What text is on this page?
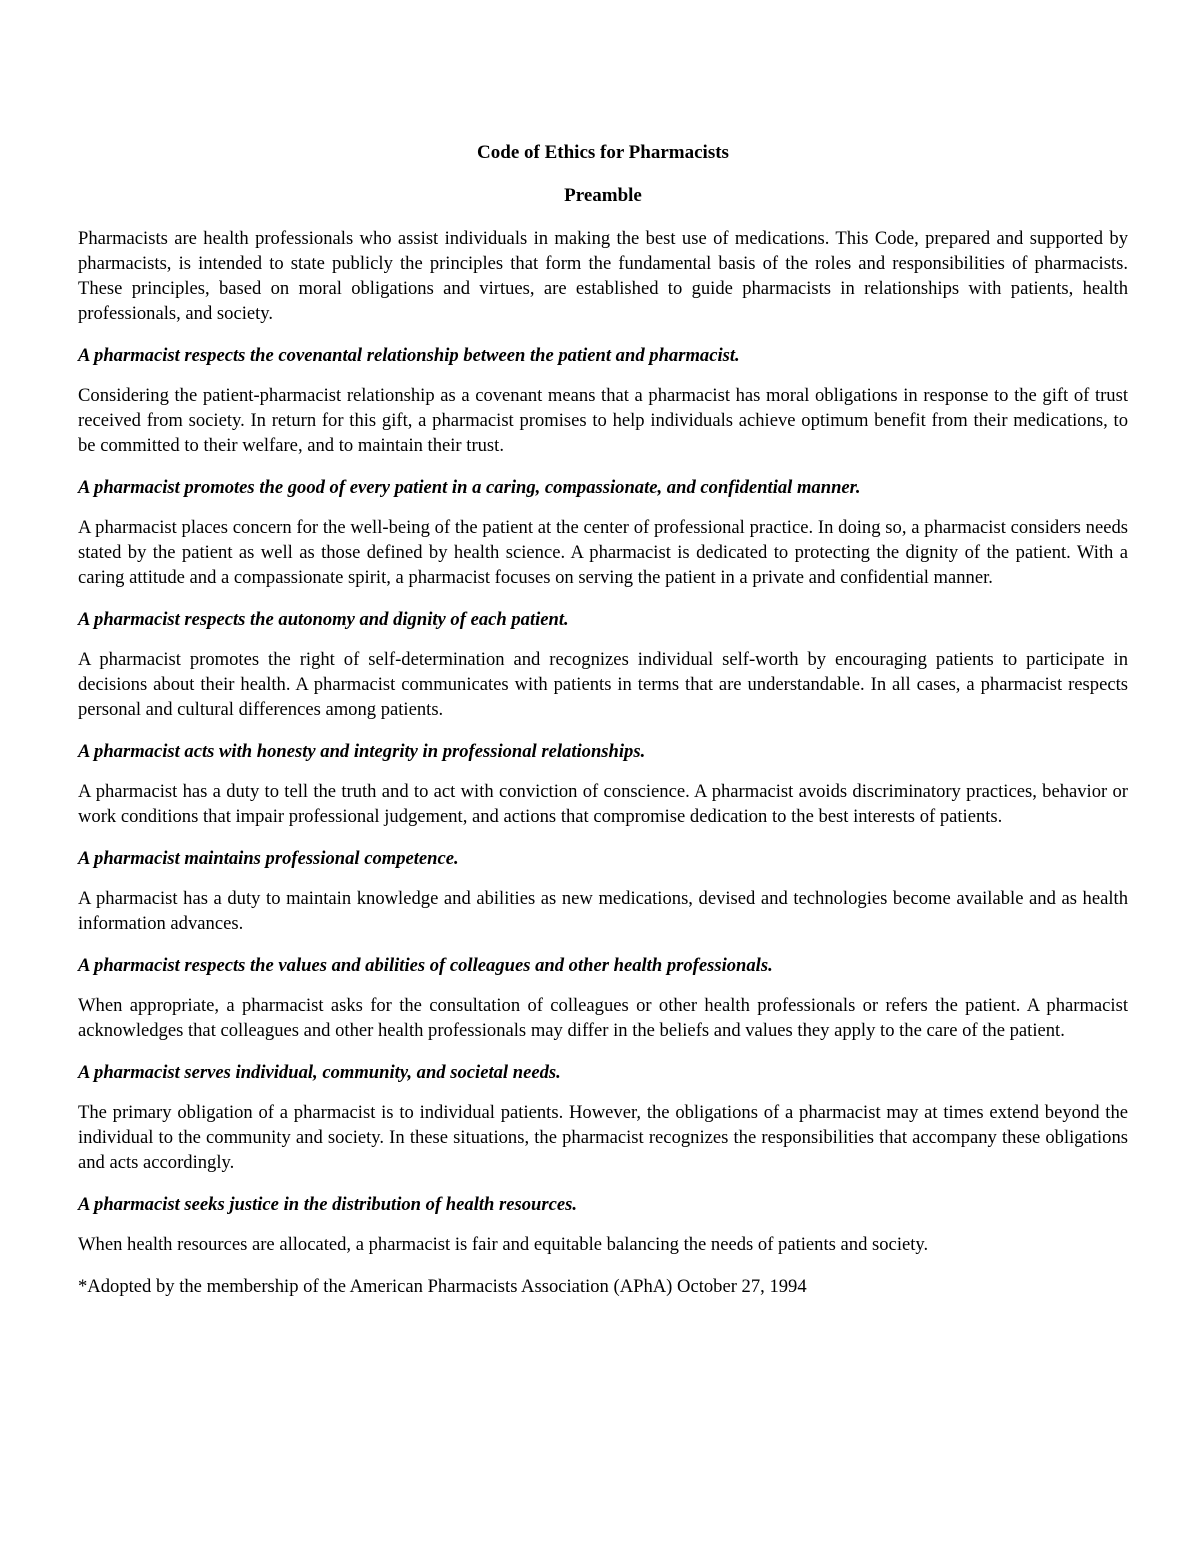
Code of Ethics for Pharmacists
Preamble
Pharmacists are health professionals who assist individuals in making the best use of medications. This Code, prepared and supported by pharmacists, is intended to state publicly the principles that form the fundamental basis of the roles and responsibilities of pharmacists. These principles, based on moral obligations and virtues, are established to guide pharmacists in relationships with patients, health professionals, and society.
A pharmacist respects the covenantal relationship between the patient and pharmacist.
Considering the patient-pharmacist relationship as a covenant means that a pharmacist has moral obligations in response to the gift of trust received from society. In return for this gift, a pharmacist promises to help individuals achieve optimum benefit from their medications, to be committed to their welfare, and to maintain their trust.
A pharmacist promotes the good of every patient in a caring, compassionate, and confidential manner.
A pharmacist places concern for the well-being of the patient at the center of professional practice. In doing so, a pharmacist considers needs stated by the patient as well as those defined by health science. A pharmacist is dedicated to protecting the dignity of the patient. With a caring attitude and a compassionate spirit, a pharmacist focuses on serving the patient in a private and confidential manner.
A pharmacist respects the autonomy and dignity of each patient.
A pharmacist promotes the right of self-determination and recognizes individual self-worth by encouraging patients to participate in decisions about their health. A pharmacist communicates with patients in terms that are understandable. In all cases, a pharmacist respects personal and cultural differences among patients.
A pharmacist acts with honesty and integrity in professional relationships.
A pharmacist has a duty to tell the truth and to act with conviction of conscience. A pharmacist avoids discriminatory practices, behavior or work conditions that impair professional judgement, and actions that compromise dedication to the best interests of patients.
A pharmacist maintains professional competence.
A pharmacist has a duty to maintain knowledge and abilities as new medications, devised and technologies become available and as health information advances.
A pharmacist respects the values and abilities of colleagues and other health professionals.
When appropriate, a pharmacist asks for the consultation of colleagues or other health professionals or refers the patient. A pharmacist acknowledges that colleagues and other health professionals may differ in the beliefs and values they apply to the care of the patient.
A pharmacist serves individual, community, and societal needs.
The primary obligation of a pharmacist is to individual patients. However, the obligations of a pharmacist may at times extend beyond the individual to the community and society. In these situations, the pharmacist recognizes the responsibilities that accompany these obligations and acts accordingly.
A pharmacist seeks justice in the distribution of health resources.
When health resources are allocated, a pharmacist is fair and equitable balancing the needs of patients and society.
*Adopted by the membership of the American Pharmacists Association (APhA) October 27, 1994
